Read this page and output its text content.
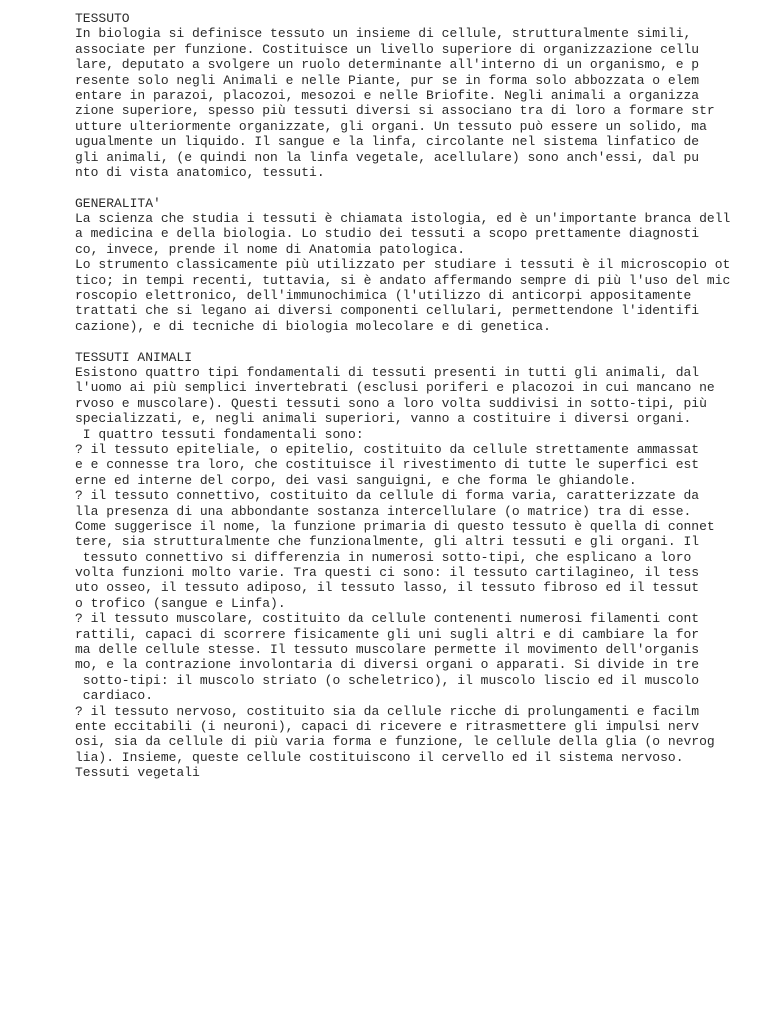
TESSUTO
In biologia si definisce tessuto un insieme di cellule, strutturalmente simili,
associate per funzione. Costituisce un livello superiore di organizzazione cellu
lare, deputato a svolgere un ruolo determinante all'interno di un organismo, e p
resente solo negli Animali e nelle Piante, pur se in forma solo abbozzata o elem
entare in parazoi, placozoi, mesozoi e nelle Briofite. Negli animali a organizza
zione superiore, spesso più tessuti diversi si associano tra di loro a formare str
utture ulteriormente organizzate, gli organi. Un tessuto può essere un solido, ma
ugualmente un liquido. Il sangue e la linfa, circolante nel sistema linfatico de
gli animali, (e quindi non la linfa vegetale, acellulare) sono anch'essi, dal pu
nto di vista anatomico, tessuti.
GENERALITA'
La scienza che studia i tessuti è chiamata istologia, ed è un'importante branca dell
a medicina e della biologia. Lo studio dei tessuti a scopo prettamente diagnosti
co, invece, prende il nome di Anatomia patologica.
Lo strumento classicamente più utilizzato per studiare i tessuti è il microscopio ot
tico; in tempi recenti, tuttavia, si è andato affermando sempre di più l'uso del mic
roscopio elettronico, dell'immunochimica (l'utilizzo di anticorpi appositamente
trattati che si legano ai diversi componenti cellulari, permettendone l'identifi
cazione), e di tecniche di biologia molecolare e di genetica.
TESSUTI ANIMALI
Esistono quattro tipi fondamentali di tessuti presenti in tutti gli animali, dal
l'uomo ai più semplici invertebrati (esclusi poriferi e placozoi in cui mancano ne
rvoso e muscolare). Questi tessuti sono a loro volta suddivisi in sotto-tipi, più
specializzati, e, negli animali superiori, vanno a costituire i diversi organi.
I quattro tessuti fondamentali sono:
? il tessuto epiteliale, o epitelio, costituito da cellule strettamente ammassat
e e connesse tra loro, che costituisce il rivestimento di tutte le superfici est
erne ed interne del corpo, dei vasi sanguigni, e che forma le ghiandole.
? il tessuto connettivo, costituito da cellule di forma varia, caratterizzate da
lla presenza di una abbondante sostanza intercellulare (o matrice) tra di esse.
Come suggerisce il nome, la funzione primaria di questo tessuto è quella di connet
tere, sia strutturalmente che funzionalmente, gli altri tessuti e gli organi. Il
tessuto connettivo si differenzia in numerosi sotto-tipi, che esplicano a loro
volta funzioni molto varie. Tra questi ci sono: il tessuto cartilagineo, il tess
uto osseo, il tessuto adiposo, il tessuto lasso, il tessuto fibroso ed il tessut
o trofico (sangue e Linfa).
? il tessuto muscolare, costituito da cellule contenenti numerosi filamenti cont
rattili, capaci di scorrere fisicamente gli uni sugli altri e di cambiare la for
ma delle cellule stesse. Il tessuto muscolare permette il movimento dell'organis
mo, e la contrazione involontaria di diversi organi o apparati. Si divide in tre
sotto-tipi: il muscolo striato (o scheletrico), il muscolo liscio ed il muscolo
cardiaco.
? il tessuto nervoso, costituito sia da cellule ricche di prolungamenti e facilm
ente eccitabili (i neuroni), capaci di ricevere e ritrasmettere gli impulsi nerv
osi, sia da cellule di più varia forma e funzione, le cellule della glia (o nevrog
lia). Insieme, queste cellule costituiscono il cervello ed il sistema nervoso.
Tessuti vegetali
